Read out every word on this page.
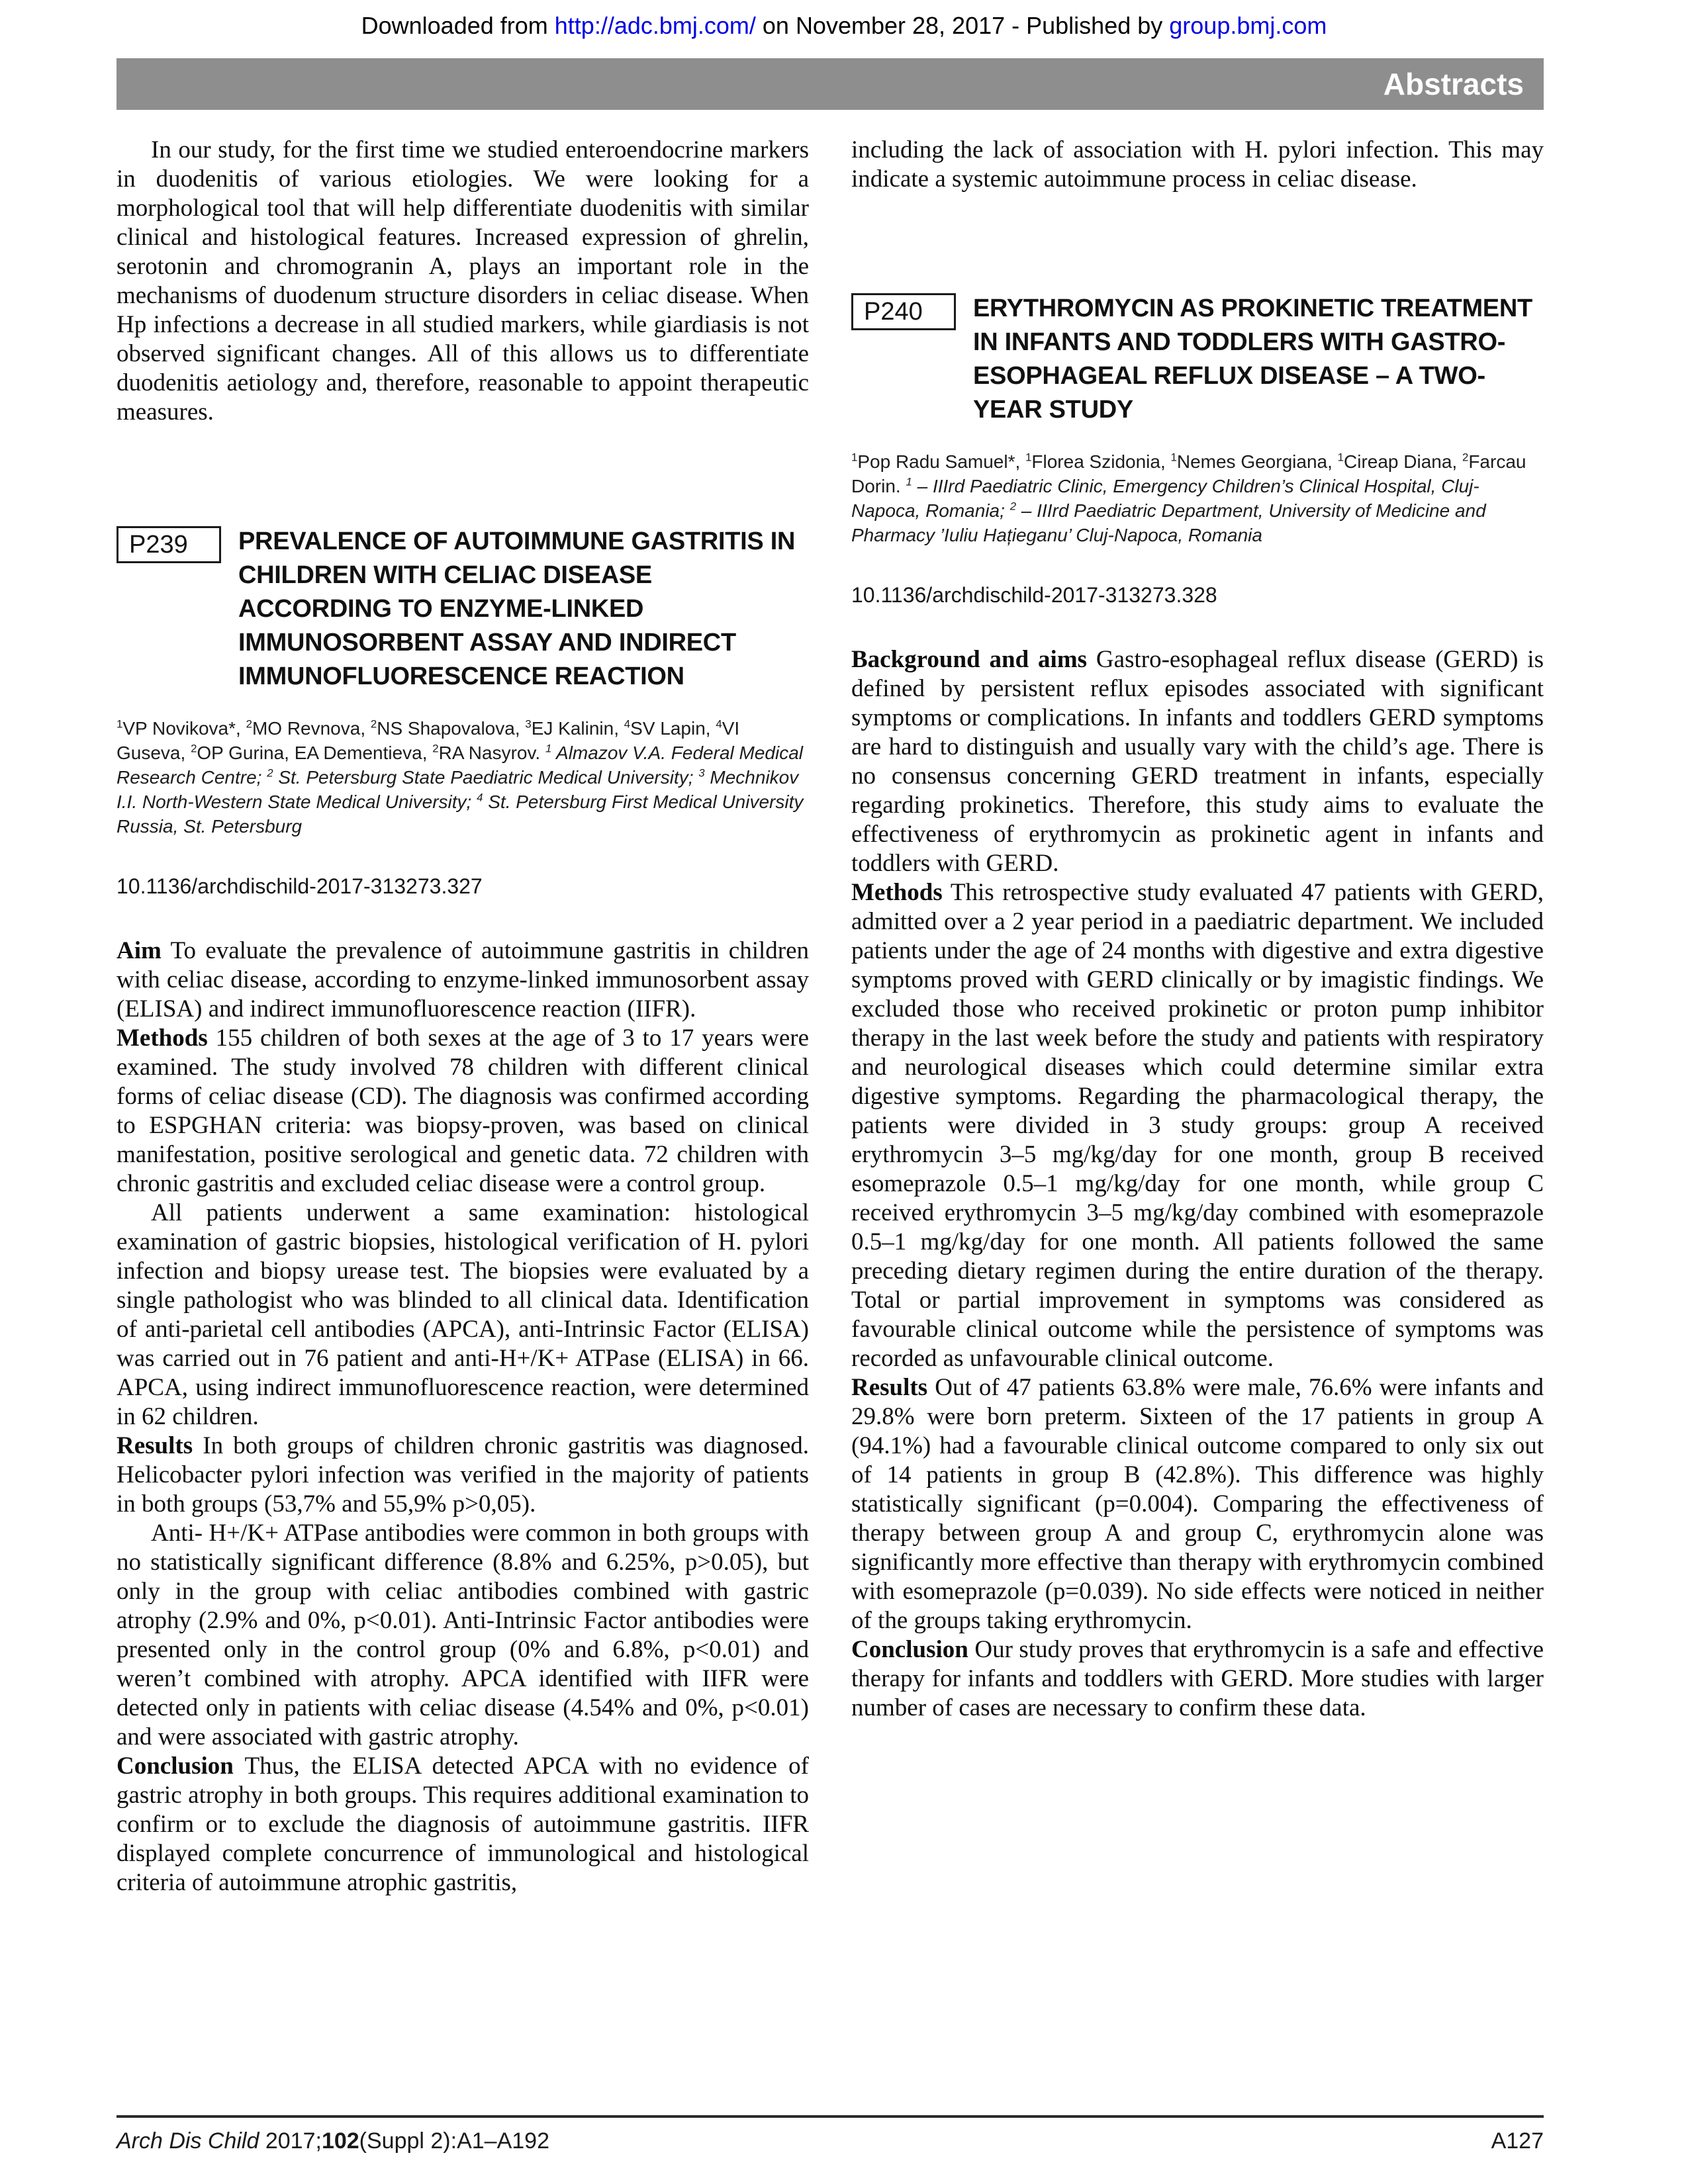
Downloaded from http://adc.bmj.com/ on November 28, 2017 - Published by group.bmj.com
Abstracts

In our study, for the first time we studied enteroendocrine markers in duodenitis of various etiologies. We were looking for a morphological tool that will help differentiate duodenitis with similar clinical and histological features. Increased expression of ghrelin, serotonin and chromogranin A, plays an important role in the mechanisms of duodenum structure disorders in celiac disease. When Hp infections a decrease in all studied markers, while giardiasis is not observed significant changes. All of this allows us to differentiate duodenitis aetiology and, therefore, reasonable to appoint therapeutic measures.

P239 PREVALENCE OF AUTOIMMUNE GASTRITIS IN CHILDREN WITH CELIAC DISEASE ACCORDING TO ENZYME-LINKED IMMUNOSORBENT ASSAY AND INDIRECT IMMUNOFLUORESCENCE REACTION

$^1$VP Novikova*, $^2$MO Revnova, $^2$NS Shapovalova, $^3$EJ Kalinin, $^4$SV Lapin, $^4$VI Guseva, $^2$OP Gurina, EA Dementieva, $^2$RA Nasyrov. $^1$ Almazov V.A. Federal Medical Research Centre; $^2$ St. Petersburg State Paediatric Medical University; $^3$ Mechnikov I.I. North-Western State Medical University; $^4$ St. Petersburg First Medical University Russia, St. Petersburg

10.1136/archdischild-2017-313273.327

Aim To evaluate the prevalence of autoimmune gastritis in children with celiac disease, according to enzyme-linked immunosorbent assay (ELISA) and indirect immunofluorescence reaction (IIFR).

Methods 155 children of both sexes at the age of 3 to 17 years were examined. The study involved 78 children with different clinical forms of celiac disease (CD). The diagnosis was confirmed according to ESPGHAN criteria: was biopsy-proven, was based on clinical manifestation, positive serological and genetic data. 72 children with chronic gastritis and excluded celiac disease were a control group.

All patients underwent a same examination: histological examination of gastric biopsies, histological verification of H. pylori infection and biopsy urease test. The biopsies were evaluated by a single pathologist who was blinded to all clinical data. Identification of anti-parietal cell antibodies (APCA), anti-Intrinsic Factor (ELISA) was carried out in 76 patient and anti-H+/K+ ATPase (ELISA) in 66. APCA, using indirect immunofluorescence reaction, were determined in 62 children.

Results In both groups of children chronic gastritis was diagnosed. Helicobacter pylori infection was verified in the majority of patients in both groups (53,7% and 55,9% p>0,05).

Anti- H+/K+ ATPase antibodies were common in both groups with no statistically significant difference (8.8% and 6.25%, p>0.05), but only in the group with celiac antibodies combined with gastric atrophy (2.9% and 0%, p<0.01). Anti-Intrinsic Factor antibodies were presented only in the control group (0% and 6.8%, p<0.01) and weren’t combined with atrophy. APCA identified with IIFR were detected only in patients with celiac disease (4.54% and 0%, p<0.01) and were associated with gastric atrophy.

Conclusion Thus, the ELISA detected APCA with no evidence of gastric atrophy in both groups. This requires additional examination to confirm or to exclude the diagnosis of autoimmune gastritis. IIFR displayed complete concurrence of immunological and histological criteria of autoimmune atrophic gastritis,

including the lack of association with H. pylori infection. This may indicate a systemic autoimmune process in celiac disease.

P240 ERYTHROMYCIN AS PROKINETIC TREATMENT IN INFANTS AND TODDLERS WITH GASTRO-ESOPHAGEAL REFLUX DISEASE – A TWO-YEAR STUDY

$^1$Pop Radu Samuel*, $^1$Florea Szidonia, $^1$Nemes Georgiana, $^1$Cireap Diana, $^2$Farcau Dorin. $^1$ – IIIrd Paediatric Clinic, Emergency Children’s Clinical Hospital, Cluj-Napoca, Romania; $^2$ – IIIrd Paediatric Department, University of Medicine and Pharmacy ’Iuliu Hațieganu’ Cluj-Napoca, Romania

10.1136/archdischild-2017-313273.328

Background and aims Gastro-esophageal reflux disease (GERD) is defined by persistent reflux episodes associated with significant symptoms or complications. In infants and toddlers GERD symptoms are hard to distinguish and usually vary with the child’s age. There is no consensus concerning GERD treatment in infants, especially regarding prokinetics. Therefore, this study aims to evaluate the effectiveness of erythromycin as prokinetic agent in infants and toddlers with GERD.

Methods This retrospective study evaluated 47 patients with GERD, admitted over a 2 year period in a paediatric department. We included patients under the age of 24 months with digestive and extra digestive symptoms proved with GERD clinically or by imagistic findings. We excluded those who received prokinetic or proton pump inhibitor therapy in the last week before the study and patients with respiratory and neurological diseases which could determine similar extra digestive symptoms. Regarding the pharmacological therapy, the patients were divided in 3 study groups: group A received erythromycin 3–5 mg/kg/day for one month, group B received esomeprazole 0.5–1 mg/kg/day for one month, while group C received erythromycin 3–5 mg/kg/day combined with esomeprazole 0.5–1 mg/kg/day for one month. All patients followed the same preceding dietary regimen during the entire duration of the therapy. Total or partial improvement in symptoms was considered as favourable clinical outcome while the persistence of symptoms was recorded as unfavourable clinical outcome.

Results Out of 47 patients 63.8% were male, 76.6% were infants and 29.8% were born preterm. Sixteen of the 17 patients in group A (94.1%) had a favourable clinical outcome compared to only six out of 14 patients in group B (42.8%). This difference was highly statistically significant (p=0.004). Comparing the effectiveness of therapy between group A and group C, erythromycin alone was significantly more effective than therapy with erythromycin combined with esomeprazole (p=0.039). No side effects were noticed in neither of the groups taking erythromycin.

Conclusion Our study proves that erythromycin is a safe and effective therapy for infants and toddlers with GERD. More studies with larger number of cases are necessary to confirm these data.

Arch Dis Child 2017;102(Suppl 2):A1–A192	A127
